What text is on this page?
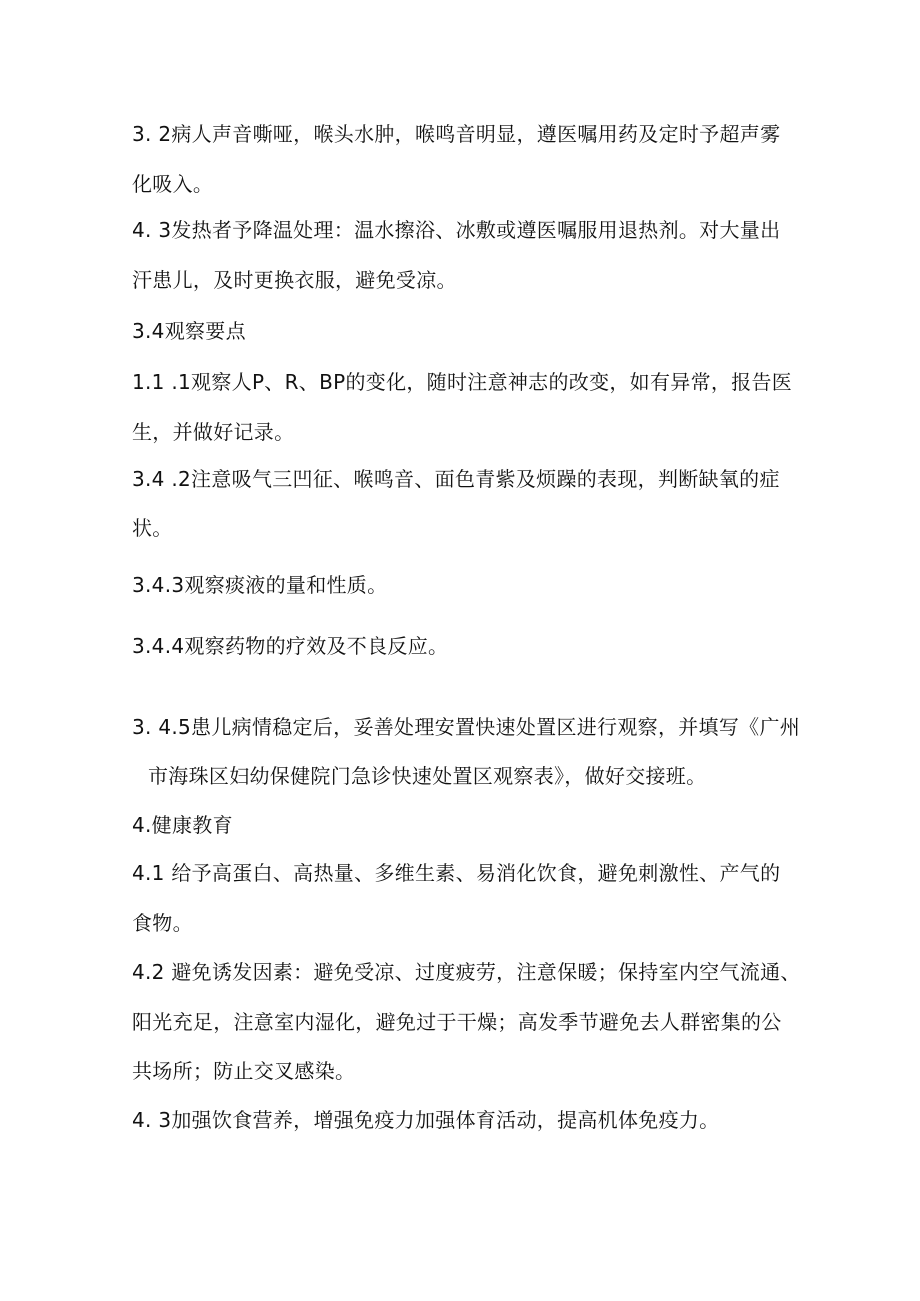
3. 2病人声音嘶哑，喉头水肿，喉鸣音明显，遵医嘱用药及定时予超声雾
化吸入。
4. 3发热者予降温处理：温水擦浴、冰敷或遵医嘱服用退热剂。对大量出
汗患儿，及时更换衣服，避免受凉。
3.4观察要点
1.1 .1观察人P、R、BP的变化，随时注意神志的改变，如有异常，报告医
生，并做好记录。
3.4 .2注意吸气三凹征、喉鸣音、面色青紫及烦躁的表现，判断缺氧的症
状。
3.4.3观察痰液的量和性质。
3.4.4观察药物的疗效及不良反应。
3. 4.5患儿病情稳定后，妥善处理安置快速处置区进行观察，并填写《广州
市海珠区妇幼保健院门急诊快速处置区观察表》，做好交接班。
4.健康教育
4.1 给予高蛋白、高热量、多维生素、易消化饮食，避免刺激性、产气的
食物。
4.2 避免诱发因素：避免受凉、过度疲劳，注意保暖；保持室内空气流通、
阳光充足，注意室内湿化，避免过于干燥；高发季节避免去人群密集的公
共场所；防止交叉感染。
4. 3加强饮食营养，增强免疫力加强体育活动，提高机体免疫力。
